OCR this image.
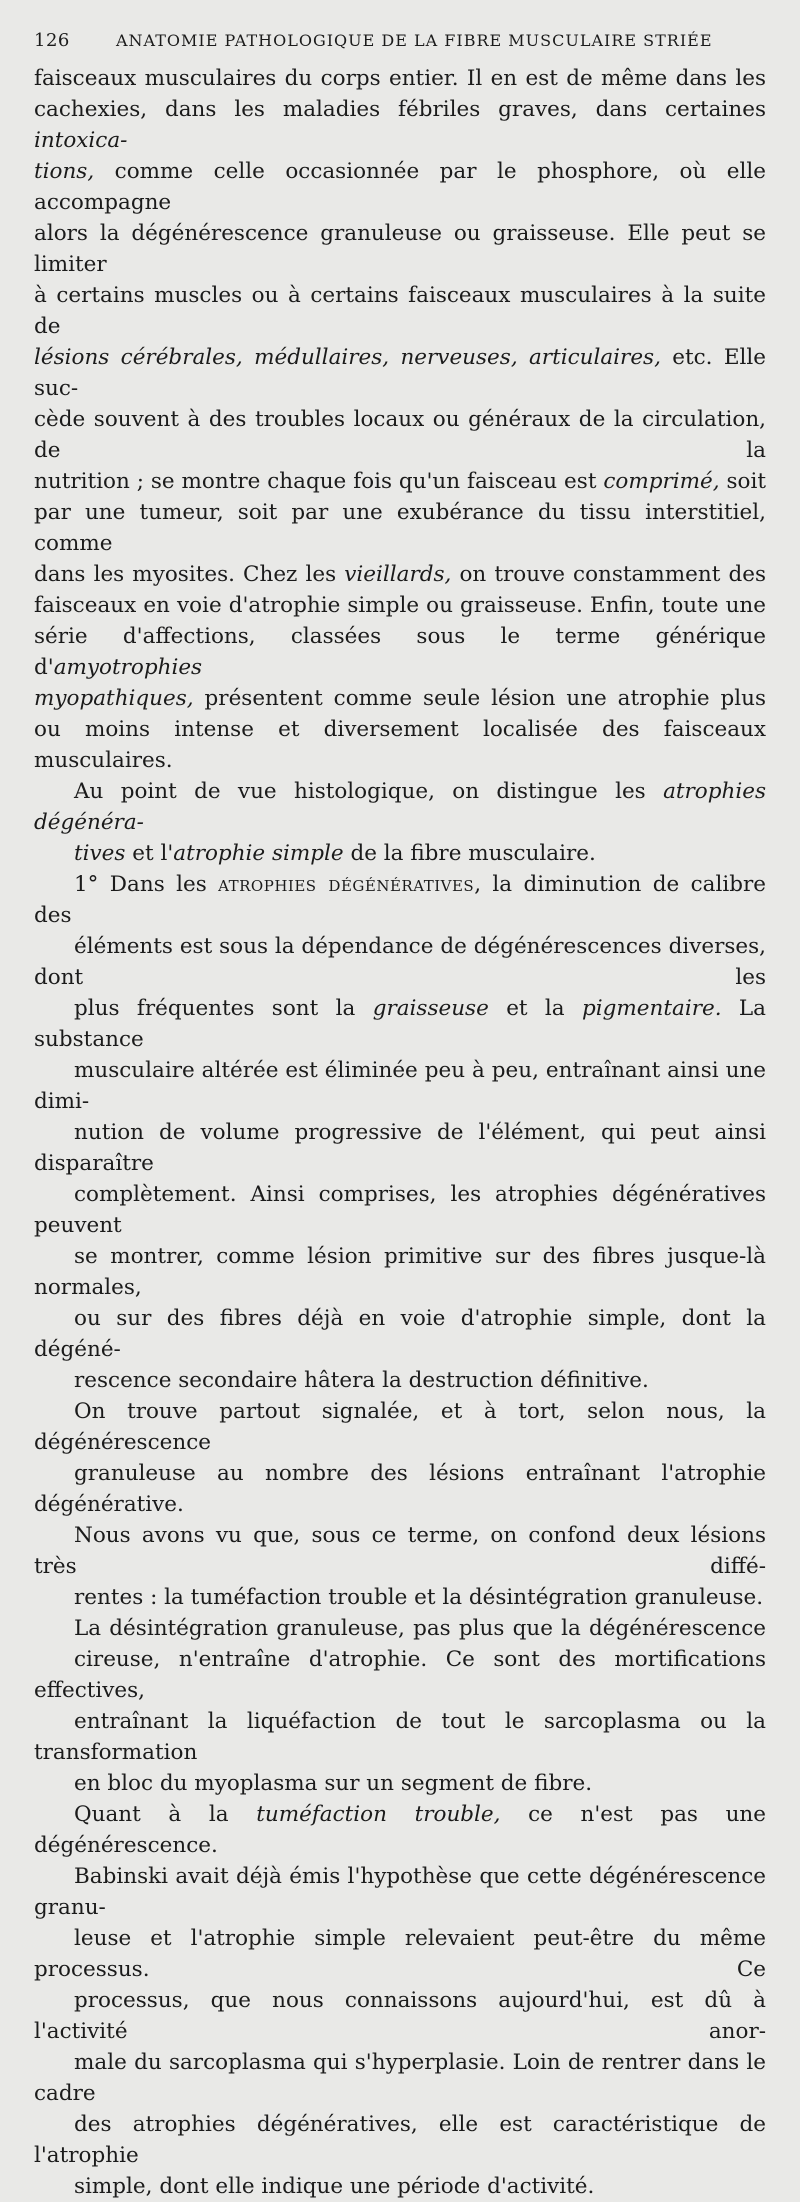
126	ANATOMIE PATHOLOGIQUE DE LA FIBRE MUSCULAIRE STRIÉE

faisceaux musculaires du corps entier. Il en est de même dans les
cachexies, dans les maladies fébriles graves, dans certaines intoxica-
tions, comme celle occasionnée par le phosphore, où elle accompagne
alors la dégénérescence granuleuse ou graisseuse. Elle peut se limiter
à certains muscles ou à certains faisceaux musculaires à la suite de
lésions cérébrales, médullaires, nerveuses, articulaires, etc. Elle suc-
cède souvent à des troubles locaux ou généraux de la circulation, de la
nutrition ; se montre chaque fois qu'un faisceau est comprimé, soit
par une tumeur, soit par une exubérance du tissu interstitiel, comme
dans les myosites. Chez les vieillards, on trouve constamment des
faisceaux en voie d'atrophie simple ou graisseuse. Enfin, toute une
série d'affections, classées sous le terme générique d'amyotrophies
myopathiques, présentent comme seule lésion une atrophie plus
ou moins intense et diversement localisée des faisceaux musculaires.

Au point de vue histologique, on distingue les atrophies dégénéra-
tives et l'atrophie simple de la fibre musculaire.

1° Dans les atrophies dégénératives, la diminution de calibre des
éléments est sous la dépendance de dégénérescences diverses, dont les
plus fréquentes sont la graisseuse et la pigmentaire. La substance
musculaire altérée est éliminée peu à peu, entraînant ainsi une dimi-
nution de volume progressive de l'élément, qui peut ainsi disparaître
complètement. Ainsi comprises, les atrophies dégénératives peuvent
se montrer, comme lésion primitive sur des fibres jusque-là normales,
ou sur des fibres déjà en voie d'atrophie simple, dont la dégéné-
rescence secondaire hâtera la destruction définitive.

On trouve partout signalée, et à tort, selon nous, la dégénérescence
granuleuse au nombre des lésions entraînant l'atrophie dégénérative.
Nous avons vu que, sous ce terme, on confond deux lésions très diffé-
rentes : la tuméfaction trouble et la désintégration granuleuse.

La désintégration granuleuse, pas plus que la dégénérescence
cireuse, n'entraîne d'atrophie. Ce sont des mortifications effectives,
entraînant la liquéfaction de tout le sarcoplasma ou la transformation
en bloc du myoplasma sur un segment de fibre.

Quant à la tuméfaction trouble, ce n'est pas une dégénérescence.
Babinski avait déjà émis l'hypothèse que cette dégénérescence granu-
leuse et l'atrophie simple relevaient peut-être du même processus. Ce
processus, que nous connaissons aujourd'hui, est dû à l'activité anor-
male du sarcoplasma qui s'hyperplasie. Loin de rentrer dans le cadre
des atrophies dégénératives, elle est caractéristique de l'atrophie
simple, dont elle indique une période d'activité.
